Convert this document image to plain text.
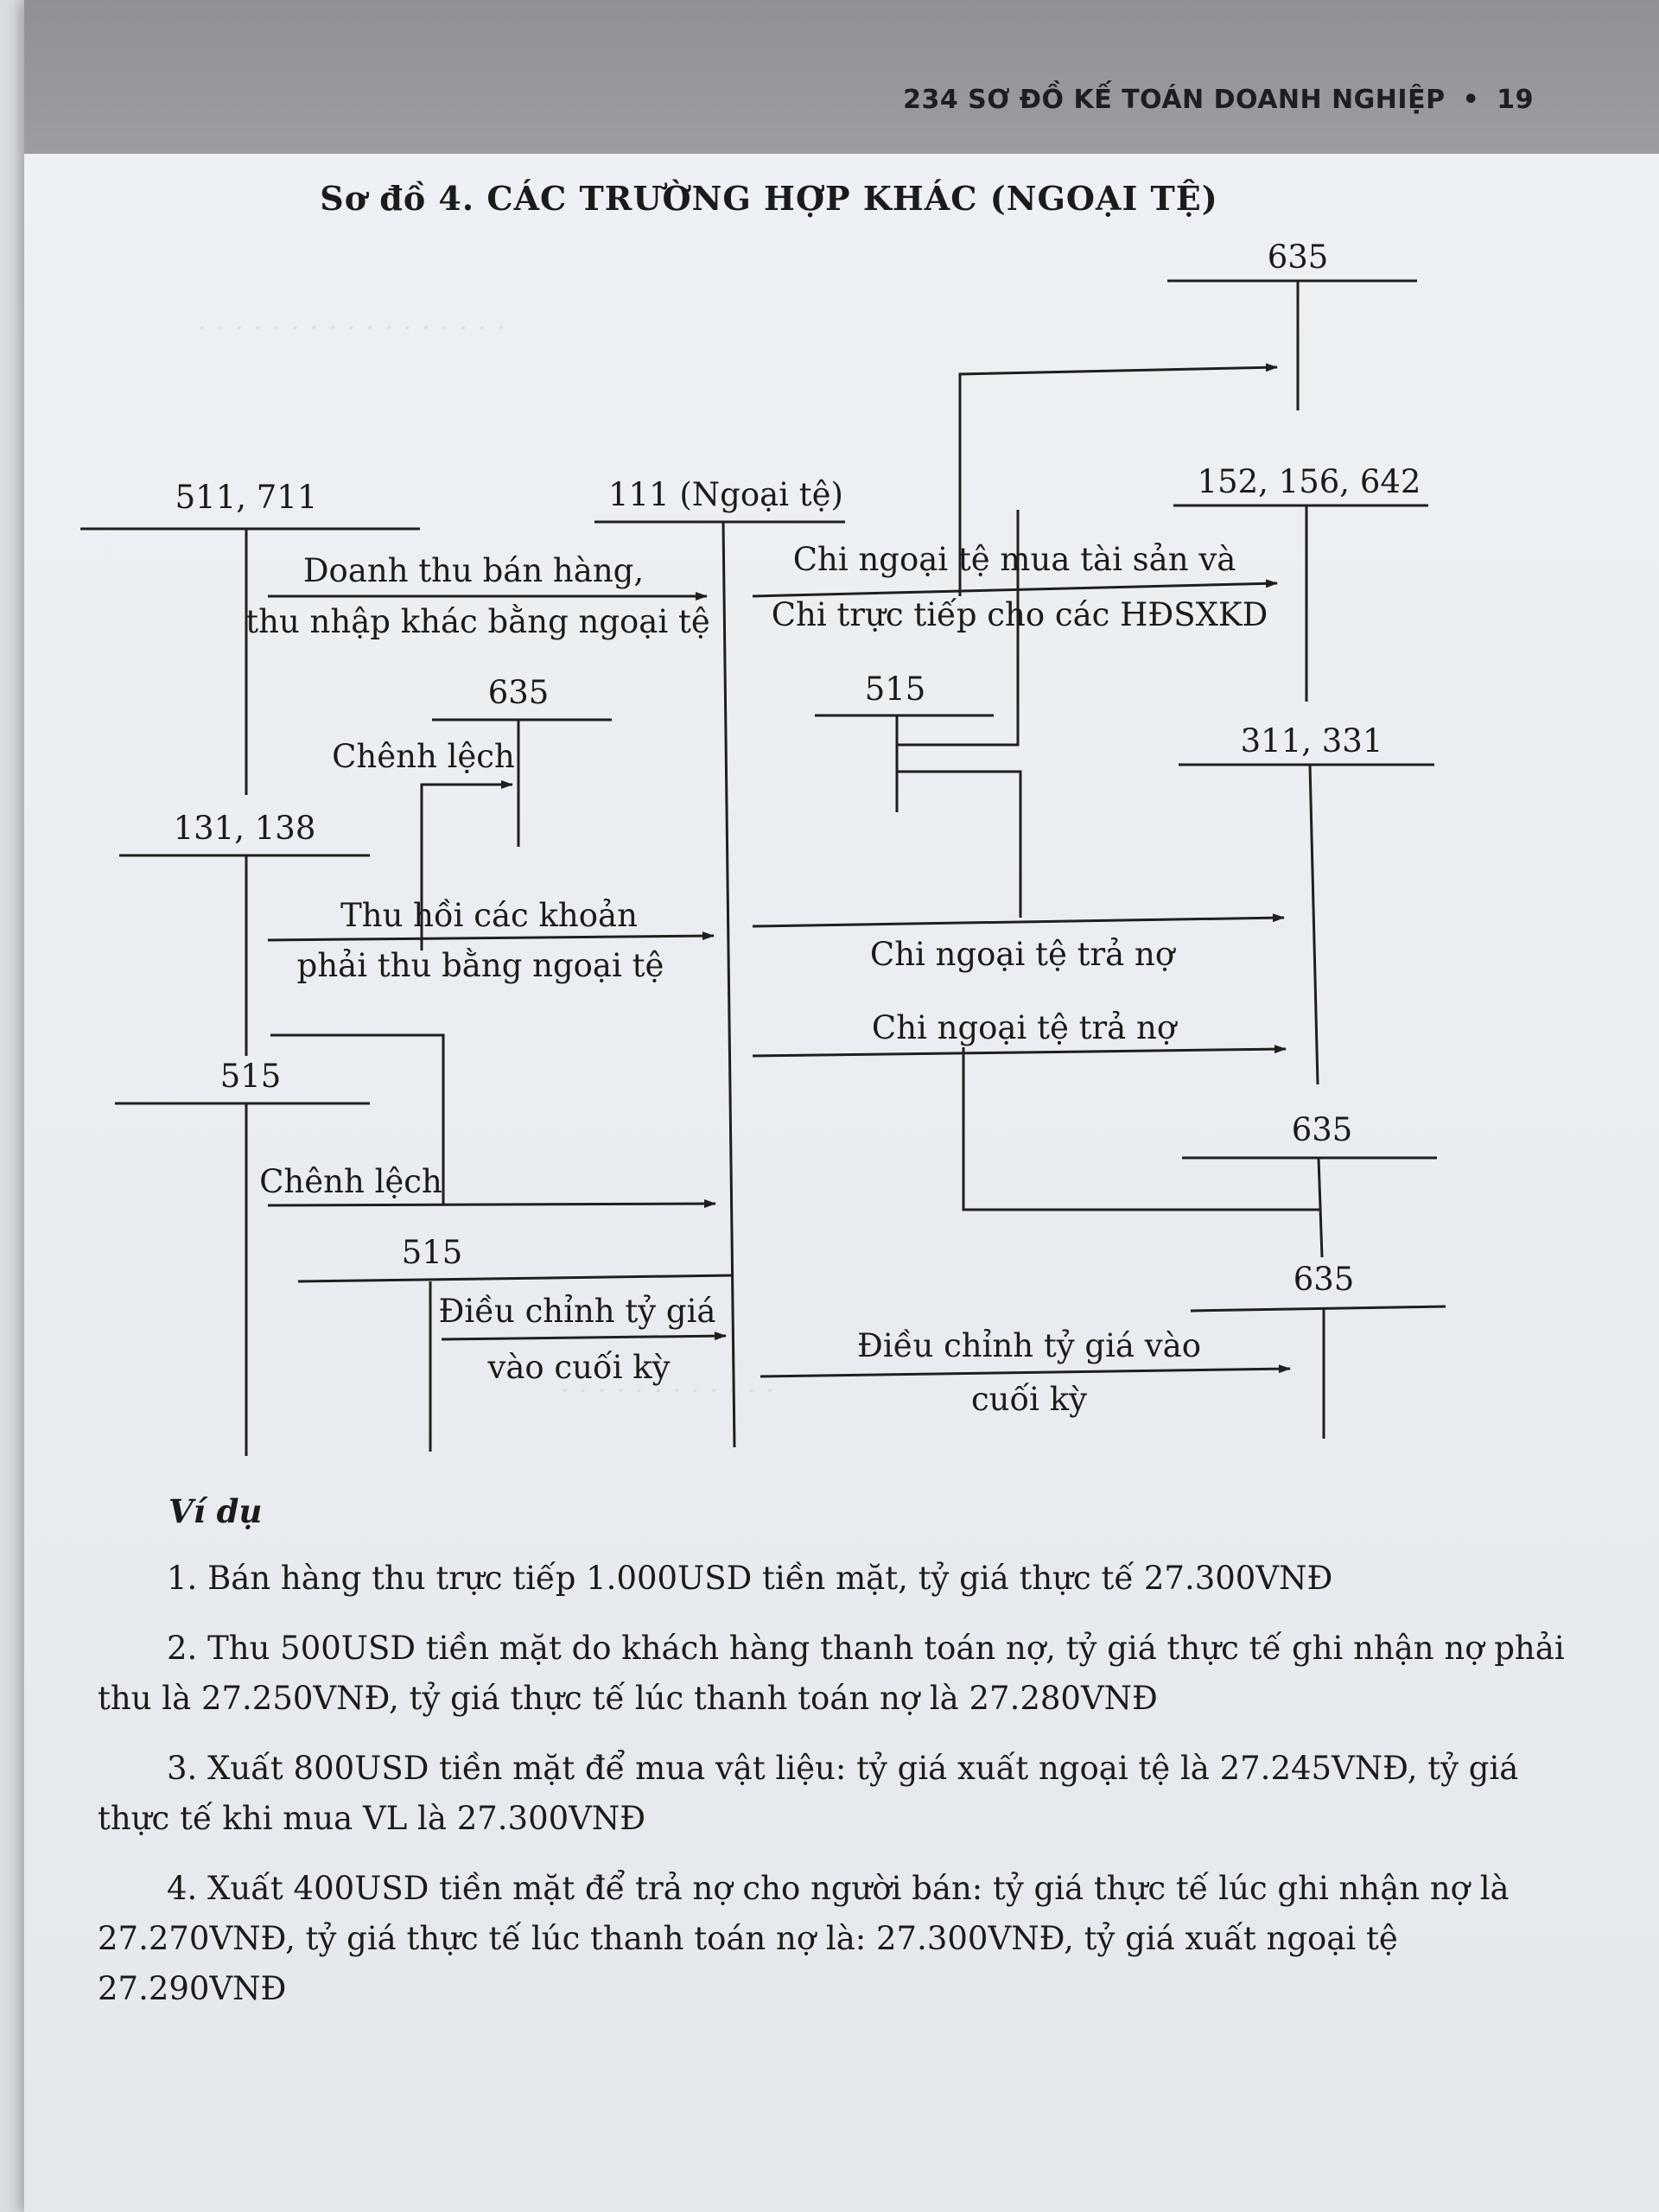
234 SƠ ĐỒ KẾ TOÁN DOANH NGHIỆP • 19
· · · · · · · · · · · · · · · · ·
· · · · · · · · · · · ·
Sơ đồ 4. CÁC TRƯỜNG HỢP KHÁC (NGOẠI TỆ)
635
511, 711	111 (Ngoại tệ)	152, 156, 642
Doanh thu bán hàng,
thu nhập khác bằng ngoại tệ
Chi ngoại tệ mua tài sản và
Chi trực tiếp cho các HĐSXKD
635
Chênh lệch
515
311, 331
131, 138
Thu hồi các khoản
phải thu bằng ngoại tệ	Chi ngoại tệ trả nợ
Chi ngoại tệ trả nợ
515
Chênh lệch
635
515
Điều chỉnh tỷ giá
vào cuối kỳ
635
Điều chỉnh tỷ giá vào
cuối kỳ
Ví dụ

1. Bán hàng thu trực tiếp 1.000USD tiền mặt, tỷ giá thực tế 27.300VNĐ

2. Thu 500USD tiền mặt do khách hàng thanh toán nợ, tỷ giá thực tế ghi nhận nợ phải thu là 27.250VNĐ, tỷ giá thực tế lúc thanh toán nợ là 27.280VNĐ

3. Xuất 800USD tiền mặt để mua vật liệu: tỷ giá xuất ngoại tệ là 27.245VNĐ, tỷ giá thực tế khi mua VL là 27.300VNĐ

4. Xuất 400USD tiền mặt để trả nợ cho người bán: tỷ giá thực tế lúc ghi nhận nợ là 27.270VNĐ, tỷ giá thực tế lúc thanh toán nợ là: 27.300VNĐ, tỷ giá xuất ngoại tệ 27.290VNĐ
